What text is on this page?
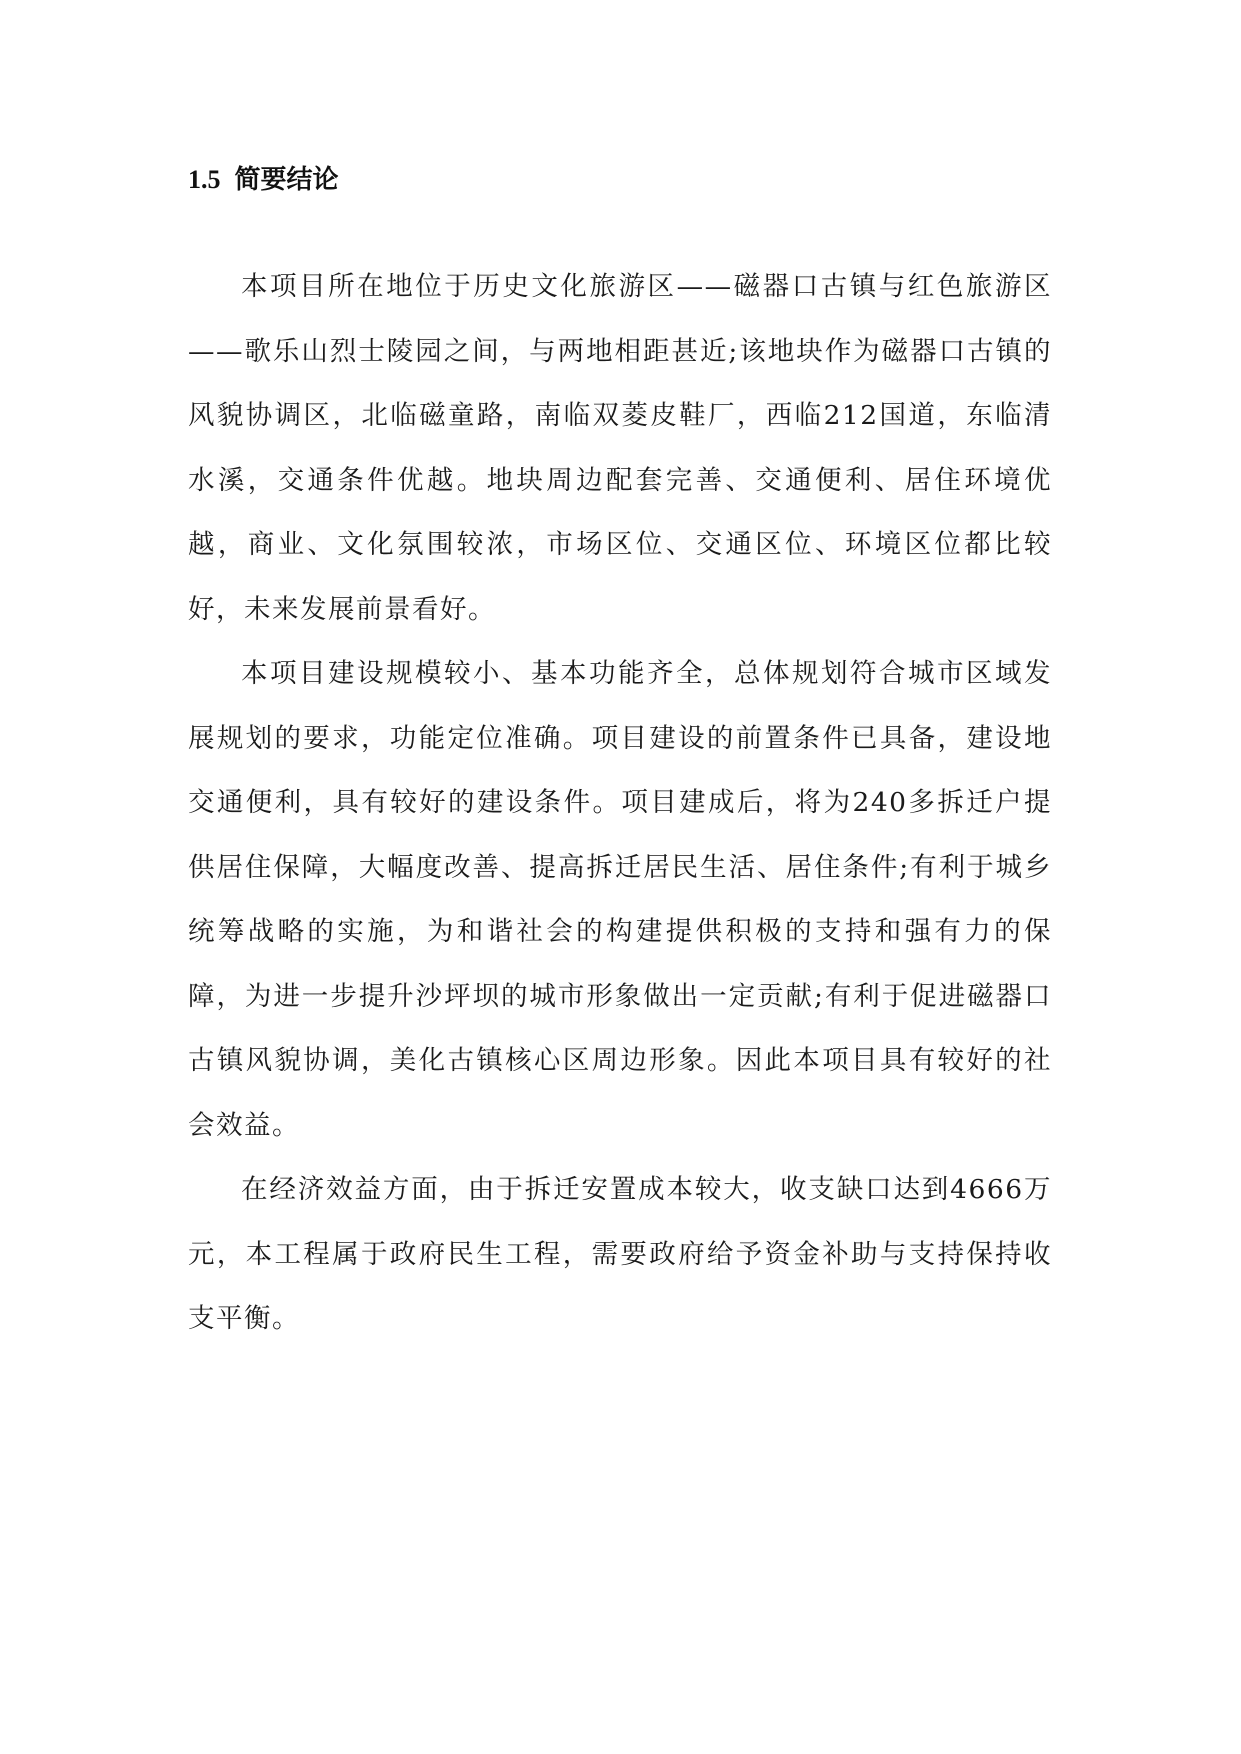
1.5 简要结论

本项目所在地位于历史文化旅游区——磁器口古镇与红色旅游区——歌乐山烈士陵园之间，与两地相距甚近;该地块作为磁器口古镇的风貌协调区，北临磁童路，南临双菱皮鞋厂，西临212国道，东临清水溪，交通条件优越。地块周边配套完善、交通便利、居住环境优越，商业、文化氛围较浓，市场区位、交通区位、环境区位都比较好，未来发展前景看好。

本项目建设规模较小、基本功能齐全，总体规划符合城市区域发展规划的要求，功能定位准确。项目建设的前置条件已具备，建设地交通便利，具有较好的建设条件。项目建成后，将为240多拆迁户提供居住保障，大幅度改善、提高拆迁居民生活、居住条件;有利于城乡统筹战略的实施，为和谐社会的构建提供积极的支持和强有力的保障，为进一步提升沙坪坝的城市形象做出一定贡献;有利于促进磁器口古镇风貌协调，美化古镇核心区周边形象。因此本项目具有较好的社会效益。

在经济效益方面，由于拆迁安置成本较大，收支缺口达到4666万元，本工程属于政府民生工程，需要政府给予资金补助与支持保持收支平衡。
